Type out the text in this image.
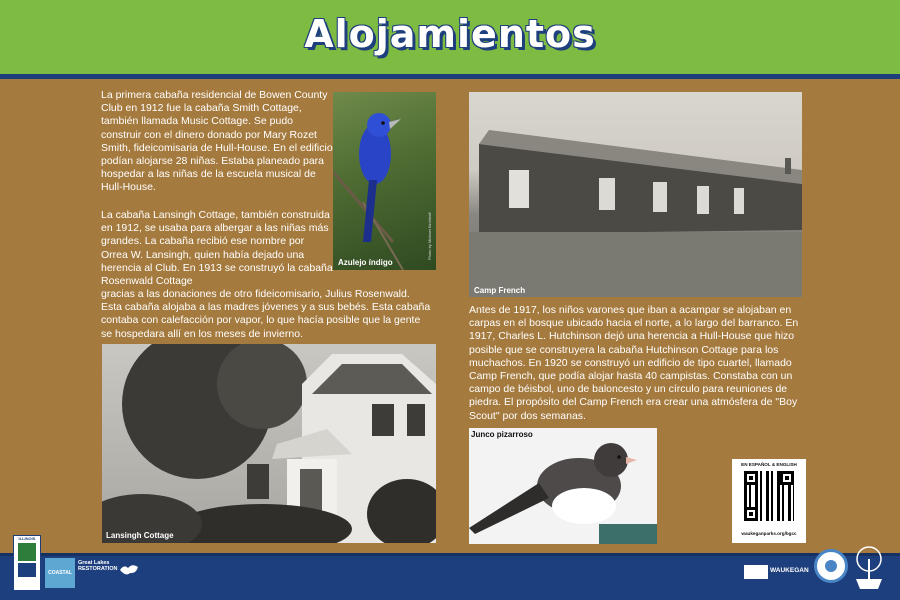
Alojamientos
La primera cabaña residencial de Bowen County Club en 1912 fue la cabaña Smith Cottage, también llamada Music Cottage. Se pudo construir con el dinero donado por Mary Rozet Smith, fideicomisaria de Hull-House. En el edificio podían alojarse 28 niñas. Estaba planeado para hospedar a las niñas de la escuela musical de Hull-House.
La cabaña Lansingh Cottage, también construida en 1912, se usaba para albergar a las niñas más grandes. La cabaña recibió ese nombre por Orrea W. Lansingh, quien había dejado una herencia al Club. En 1913 se construyó la cabaña Rosenwald Cottage
gracias a las donaciones de otro fideicomisario, Julius Rosenwald. Esta cabaña alojaba a las madres jóvenes y a sus bebés. Esta cabaña contaba con calefacción por vapor, lo que hacía posible que la gente se hospedara allí en los meses de invierno.
Antes de 1917, los niños varones que iban a acampar se alojaban en carpas en el bosque ubicado hacia el norte, a lo largo del barranco. En 1917, Charles L. Hutchinson dejó una herencia a Hull-House que hizo posible que se construyera la cabaña Hutchinson Cottage para los muchachos. En 1920 se construyó un edificio de tipo cuartel, llamado Camp French, que podía alojar hasta 40 campistas. Constaba con un campo de béisbol, uno de baloncesto y un círculo para reuniones de piedra. El propósito del Camp French era crear una atmósfera de "Boy Scout" por dos semanas.
Photo by Michael Kirchhoff
Azulejo índigo
Camp French
Lansingh Cottage
Junco pizarroso
EN ESPAÑOL & ENGLISH
waukeganparks.org/bgcc
ILLINOIS
COASTAL
Great Lakes RESTORATION	WAUKEGAN
